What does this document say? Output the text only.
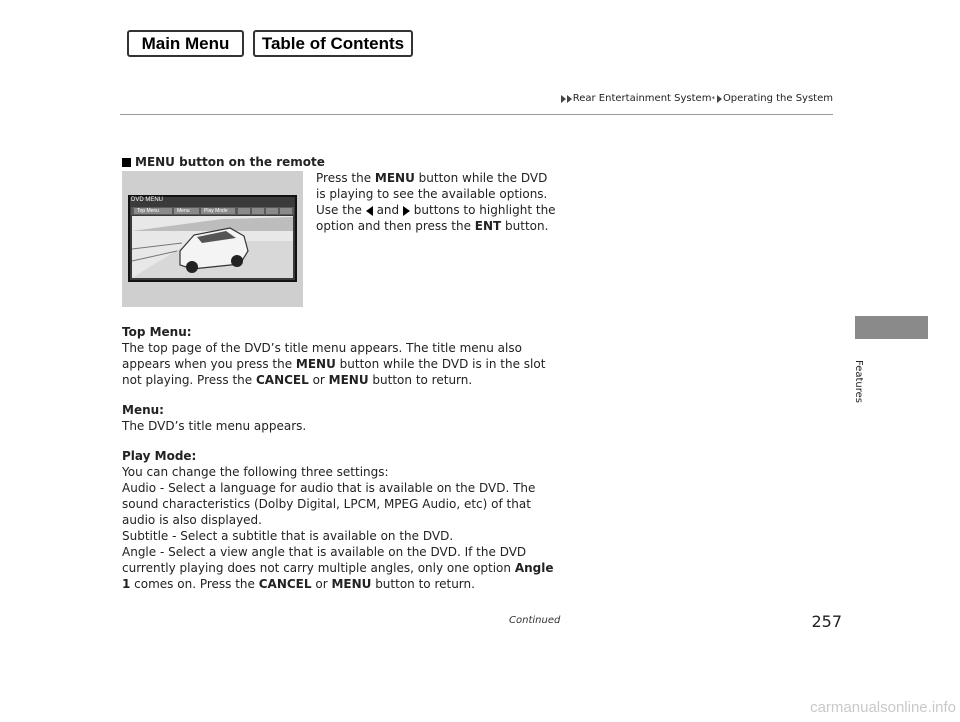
Main Menu	Table of Contents
Rear Entertainment System * Operating the System
Features
MENU button on the remote
DVD MENU
Top Menu	Menu	Play Mode
Press the MENU button while the DVD is playing to see the available options. Use the  and  buttons to highlight the option and then press the ENT button.
Top Menu:
The top page of the DVD’s title menu appears. The title menu also appears when you press the MENU button while the DVD is in the slot not playing. Press the CANCEL or MENU button to return.
Menu:
The DVD’s title menu appears.
Play Mode:
You can change the following three settings:
Audio - Select a language for audio that is available on the DVD. The sound characteristics (Dolby Digital, LPCM, MPEG Audio, etc) of that audio is also displayed.
Subtitle - Select a subtitle that is available on the DVD.
Angle - Select a view angle that is available on the DVD. If the DVD currently playing does not carry multiple angles, only one option Angle 1 comes on. Press the CANCEL or MENU button to return.
Continued	257
carmanualsonline.info
